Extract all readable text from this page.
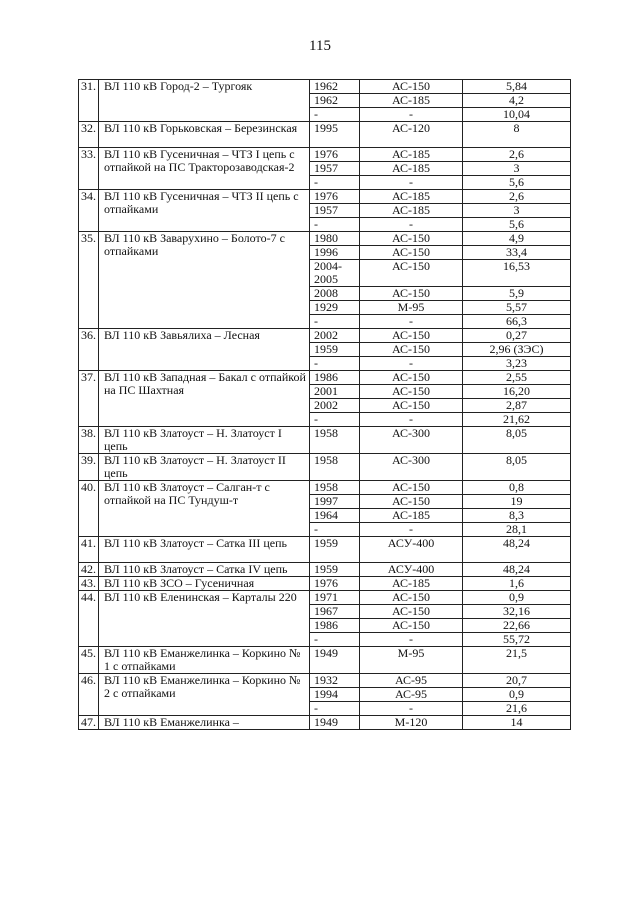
115
31.	ВЛ 110 кВ Город-2 – Тургояк	1962	АС-150	5,84
		1962	АС-185	4,2
		-	-	10,04
32.	ВЛ 110 кВ Горьковская – Березинская	1995	АС-120	8
33.	ВЛ 110 кВ Гусеничная – ЧТЗ I цепь с отпайкой на ПС Тракторозаводская-2	1976	АС-185	2,6
		1957	АС-185	3
		-	-	5,6
34.	ВЛ 110 кВ Гусеничная – ЧТЗ II цепь с отпайками	1976	АС-185	2,6
		1957	АС-185	3
		-	-	5,6
35.	ВЛ 110 кВ Заварухино – Болото-7 с отпайками	1980	АС-150	4,9
		1996	АС-150	33,4
		2004-2005	АС-150	16,53
		2008	АС-150	5,9
		1929	М-95	5,57
		-	-	66,3
36.	ВЛ 110 кВ Завьялиха – Лесная	2002	АС-150	0,27
		1959	АС-150	2,96 (ЗЭС)
		-	-	3,23
37.	ВЛ 110 кВ Западная – Бакал с отпайкой на ПС Шахтная	1986	АС-150	2,55
		2001	АС-150	16,20
		2002	АС-150	2,87
		-	-	21,62
38.	ВЛ 110 кВ Златоуст – Н. Златоуст I цепь	1958	АС-300	8,05
39.	ВЛ 110 кВ Златоуст – Н. Златоуст II цепь	1958	АС-300	8,05
40.	ВЛ 110 кВ Златоуст – Салган-т с отпайкой на ПС Тундуш-т	1958	АС-150	0,8
		1997	АС-150	19
		1964	АС-185	8,3
		-	-	28,1
41.	ВЛ 110 кВ Златоуст – Сатка III цепь	1959	АСУ-400	48,24
42.	ВЛ 110 кВ Златоуст – Сатка IV цепь	1959	АСУ-400	48,24
43.	ВЛ 110 кВ ЗСО – Гусеничная	1976	АС-185	1,6
44.	ВЛ 110 кВ Еленинская – Карталы 220	1971	АС-150	0,9
		1967	АС-150	32,16
		1986	АС-150	22,66
		-	-	55,72
45.	ВЛ 110 кВ Еманжелинка – Коркино № 1 с отпайками	1949	М-95	21,5
46.	ВЛ 110 кВ Еманжелинка – Коркино № 2 с отпайками	1932	АС-95	20,7
		1994	АС-95	0,9
		-	-	21,6
47.	ВЛ 110 кВ Еманжелинка –	1949	М-120	14
